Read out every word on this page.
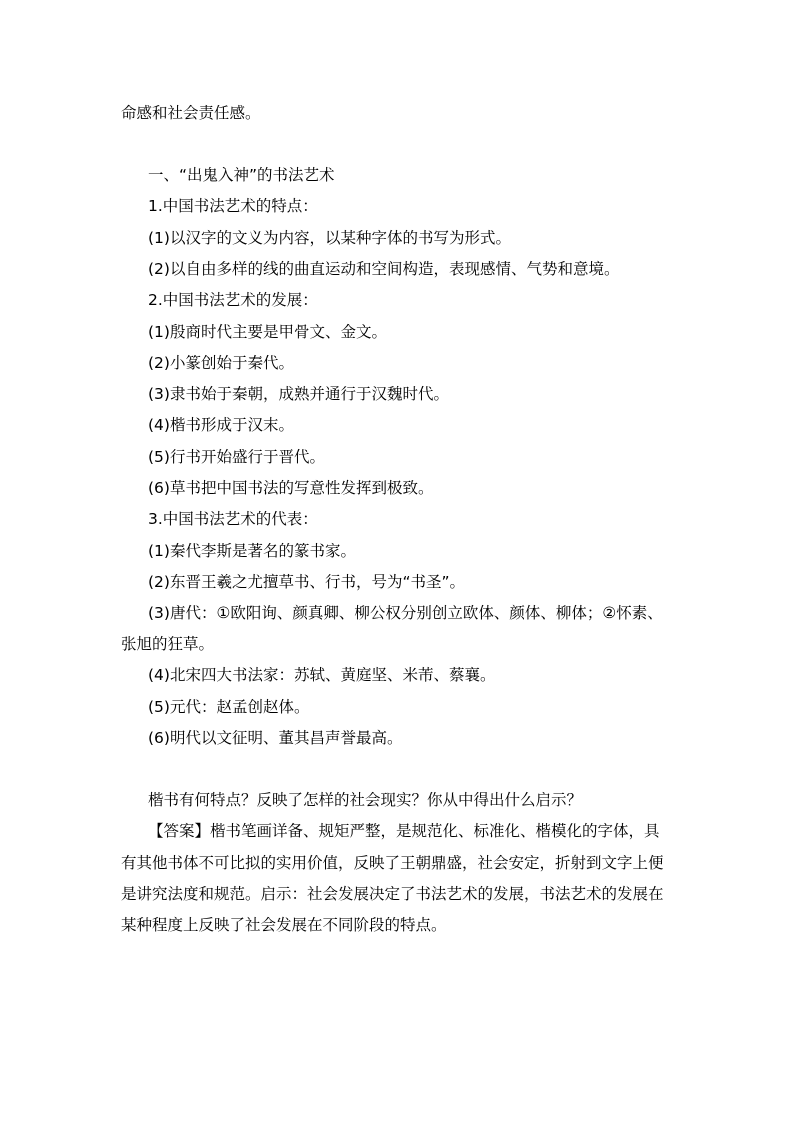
命感和社会责任感。
一、“出鬼入神”的书法艺术
1.中国书法艺术的特点：
(1)以汉字的文义为内容，以某种字体的书写为形式。
(2)以自由多样的线的曲直运动和空间构造，表现感情、气势和意境。
2.中国书法艺术的发展：
(1)殷商时代主要是甲骨文、金文。
(2)小篆创始于秦代。
(3)隶书始于秦朝，成熟并通行于汉魏时代。
(4)楷书形成于汉末。
(5)行书开始盛行于晋代。
(6)草书把中国书法的写意性发挥到极致。
3.中国书法艺术的代表：
(1)秦代李斯是著名的篆书家。
(2)东晋王羲之尤擅草书、行书，号为“书圣”。
(3)唐代：①欧阳询、颜真卿、柳公权分别创立欧体、颜体、柳体；②怀素、
张旭的狂草。
(4)北宋四大书法家：苏轼、黄庭坚、米芾、蔡襄。
(5)元代：赵孟创赵体。
(6)明代以文征明、董其昌声誉最高。
楷书有何特点？反映了怎样的社会现实？你从中得出什么启示？
【答案】楷书笔画详备、规矩严整，是规范化、标准化、楷模化的字体，具
有其他书体不可比拟的实用价值，反映了王朝鼎盛，社会安定，折射到文字上便
是讲究法度和规范。启示：社会发展决定了书法艺术的发展，书法艺术的发展在
某种程度上反映了社会发展在不同阶段的特点。
